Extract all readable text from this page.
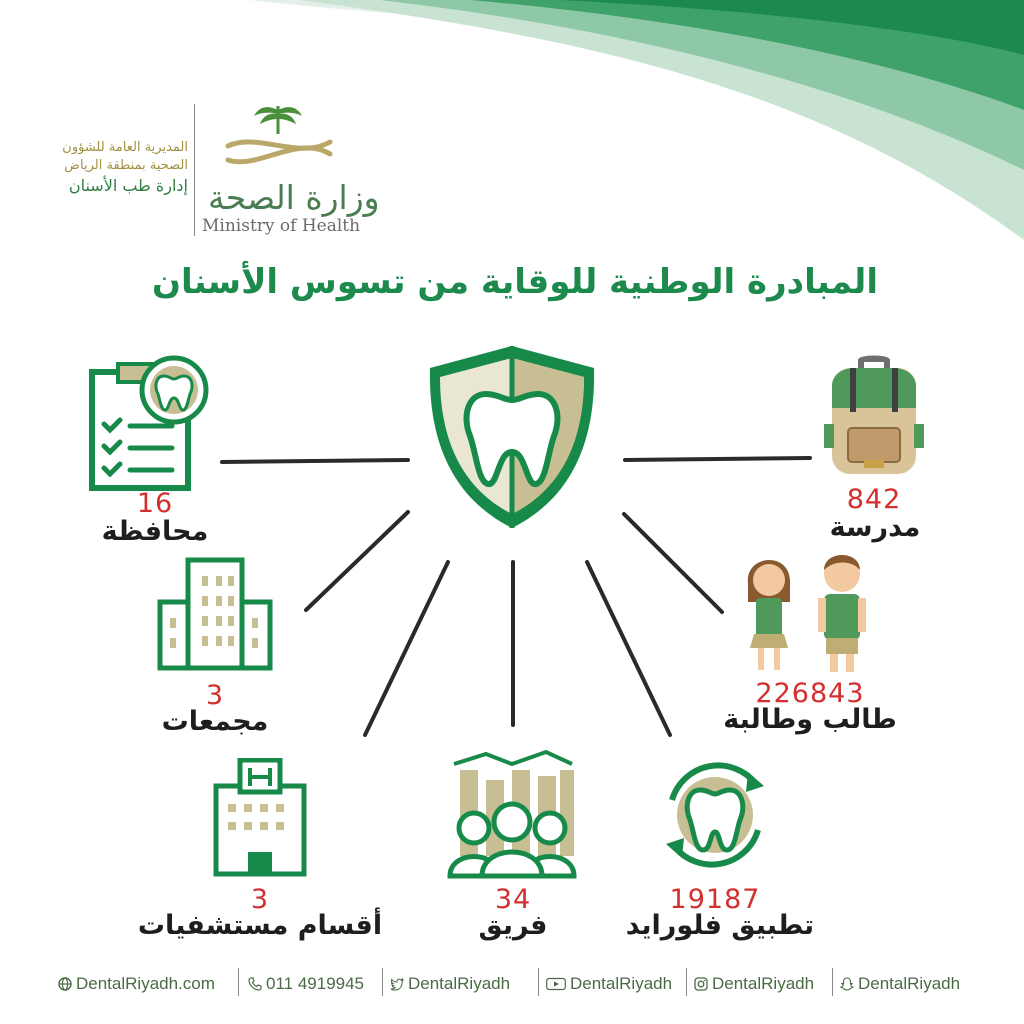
وزارة الصحة
Ministry of Health
المديرية العامة للشؤون
الصحية بمنطقة الرياض
إدارة طب الأسنان
المبادرة الوطنية للوقاية من تسوس الأسنان
16
محافظة
842
مدرسة
3
مجمعات
226843
طالب وطالبة
3
أقسام مستشفيات
34
فريق
19187
تطبيق فلورايد
DentalRiyadh.com	011 4919945	DentalRiyadh	DentalRiyadh DentalRiyadh	DentalRiyadh
